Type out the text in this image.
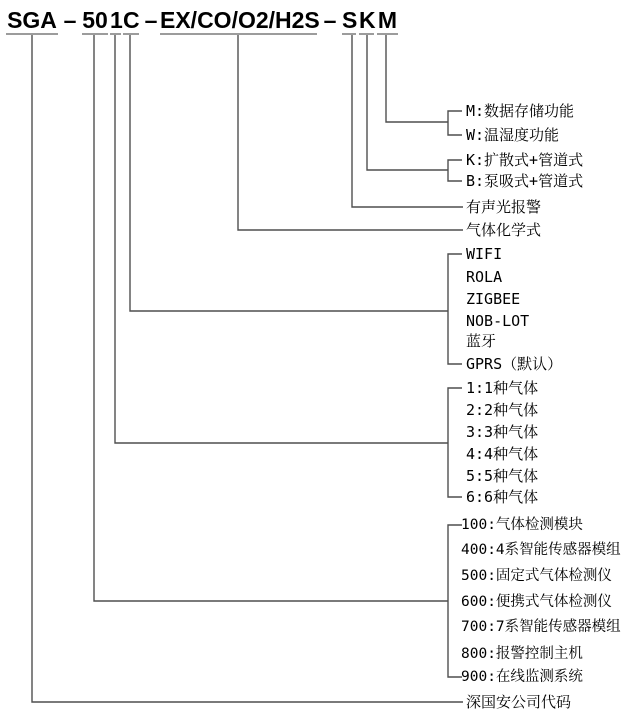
SGA – 50 1 C – EX/CO/O2/H2S – S K M
M:数据存储功能
W:温湿度功能
K:扩散式+管道式
B:泵吸式+管道式
有声光报警
气体化学式
WIFI
ROLA
ZIGBEE
NOB-LOT
蓝牙
GPRS（默认）
1:1种气体
2:2种气体
3:3种气体
4:4种气体
5:5种气体
6:6种气体
100:气体检测模块
400:4系智能传感器模组
500:固定式气体检测仪
600:便携式气体检测仪
700:7系智能传感器模组
800:报警控制主机
900:在线监测系统
深国安公司代码
